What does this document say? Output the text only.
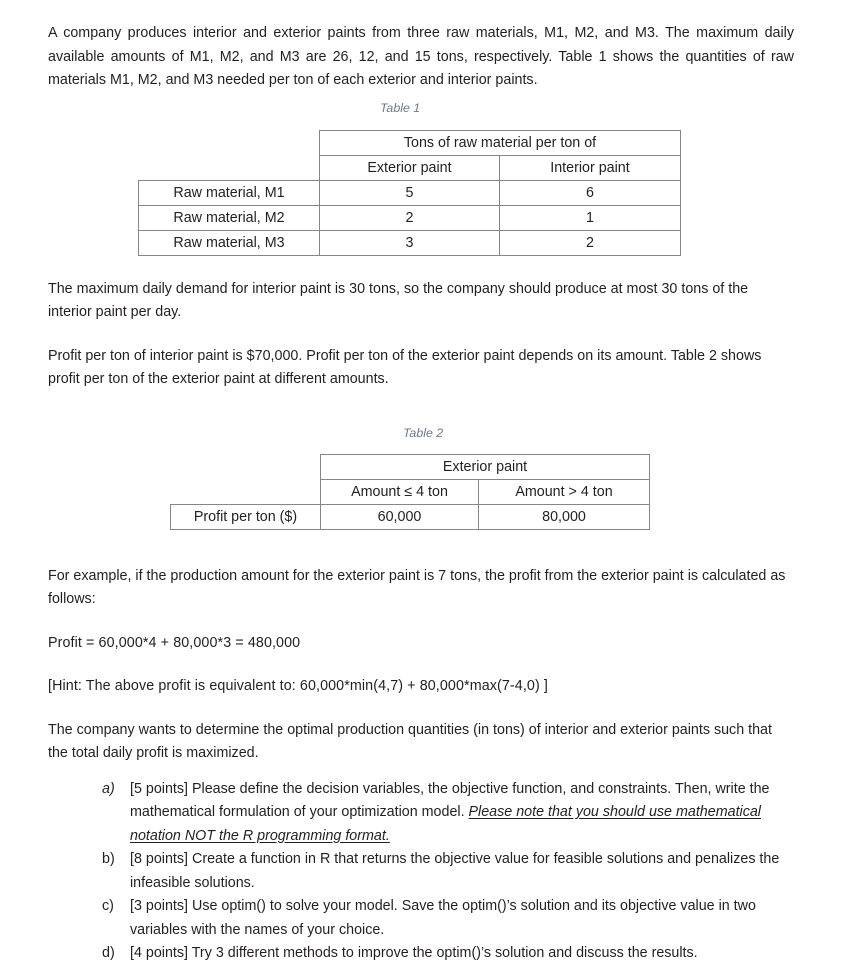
A company produces interior and exterior paints from three raw materials, M1, M2, and M3. The maximum daily available amounts of M1, M2, and M3 are 26, 12, and 15 tons, respectively. Table 1 shows the quantities of raw materials M1, M2, and M3 needed per ton of each exterior and interior paints.

Table 1
	Tons of raw material per ton of	
	Exterior paint	Interior paint
Raw material, M1	5	6
Raw material, M2	2	1
Raw material, M3	3	2

The maximum daily demand for interior paint is 30 tons, so the company should produce at most 30 tons of the interior paint per day.

Profit per ton of interior paint is $70,000. Profit per ton of the exterior paint depends on its amount. Table 2 shows profit per ton of the exterior paint at different amounts.

Table 2
	Exterior paint	
	Amount ≤ 4 ton	Amount > 4 ton
Profit per ton ($)	60,000	80,000

For example, if the production amount for the exterior paint is 7 tons, the profit from the exterior paint is calculated as follows:

Profit = 60,000*4 + 80,000*3 = 480,000

[Hint: The above profit is equivalent to: 60,000*min(4,7) + 80,000*max(7-4,0) ]

The company wants to determine the optimal production quantities (in tons) of interior and exterior paints such that the total daily profit is maximized.

a)	[5 points] Please define the decision variables, the objective function, and constraints. Then, write the mathematical formulation of your optimization model. Please note that you should use mathematical notation NOT the R programming format.
b)	[8 points] Create a function in R that returns the objective value for feasible solutions and penalizes the infeasible solutions.
c)	[3 points] Use optim() to solve your model. Save the optim()’s solution and its objective value in two variables with the names of your choice.
d)	[4 points] Try 3 different methods to improve the optim()’s solution and discuss the results.
